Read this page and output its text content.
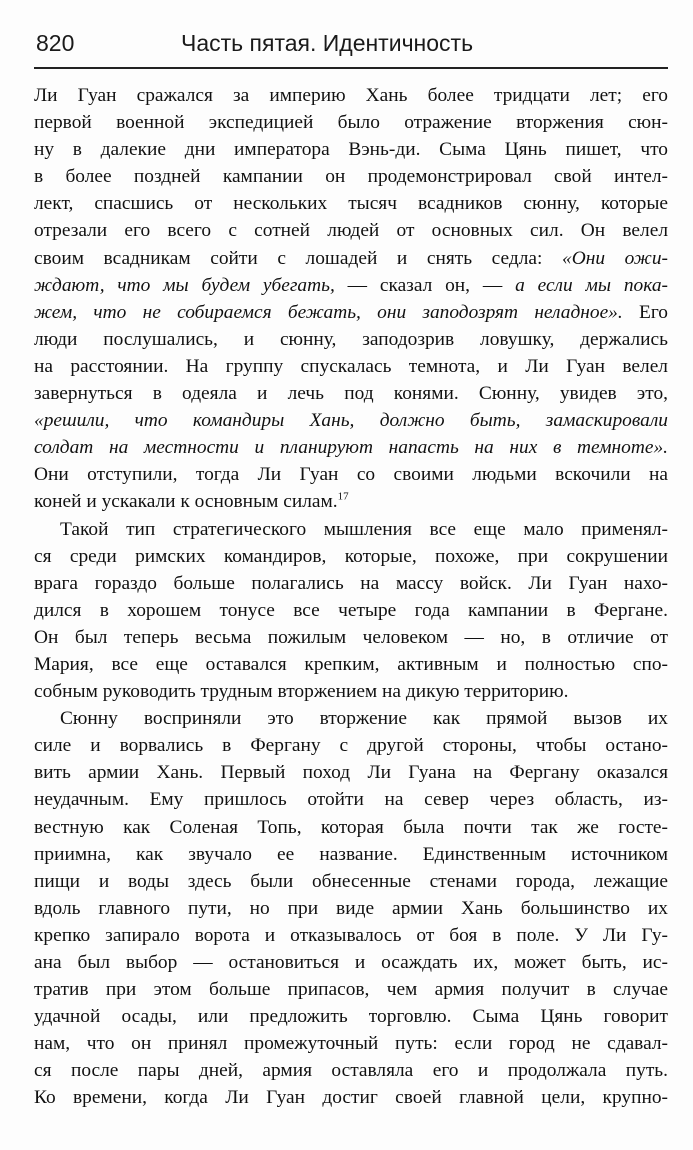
820	Часть пятая. Идентичность
Ли Гуан сражался за империю Хань более тридцати лет; его
первой военной экспедицией было отражение вторжения сюн-
ну в далекие дни императора Вэнь-ди. Сыма Цянь пишет, что
в более поздней кампании он продемонстрировал свой интел-
лект, спасшись от нескольких тысяч всадников сюнну, которые
отрезали его всего с сотней людей от основных сил. Он велел
своим всадникам сойти с лошадей и снять седла: «Они ожи-
ждают, что мы будем убегать, — сказал он, — а если мы пока-
жем, что не собираемся бежать, они заподозрят неладное». Его
люди послушались, и сюнну, заподозрив ловушку, держались
на расстоянии. На группу спускалась темнота, и Ли Гуан велел
завернуться в одеяла и лечь под конями. Сюнну, увидев это,
«решили, что командиры Хань, должно быть, замаскировали
солдат на местности и планируют напасть на них в темноте».
Они отступили, тогда Ли Гуан со своими людьми вскочили на
коней и ускакали к основным силам.$^{17}$
Такой тип стратегического мышления все еще мало применял-
ся среди римских командиров, которые, похоже, при сокрушении
врага гораздо больше полагались на массу войск. Ли Гуан нахо-
дился в хорошем тонусе все четыре года кампании в Фергане.
Он был теперь весьма пожилым человеком — но, в отличие от
Мария, все еще оставался крепким, активным и полностью спо-
собным руководить трудным вторжением на дикую территорию.
Сюнну восприняли это вторжение как прямой вызов их
силе и ворвались в Фергану с другой стороны, чтобы остано-
вить армии Хань. Первый поход Ли Гуана на Фергану оказался
неудачным. Ему пришлось отойти на север через область, из-
вестную как Соленая Топь, которая была почти так же госте-
приимна, как звучало ее название. Единственным источником
пищи и воды здесь были обнесенные стенами города, лежащие
вдоль главного пути, но при виде армии Хань большинство их
крепко запирало ворота и отказывалось от боя в поле. У Ли Гу-
ана был выбор — остановиться и осаждать их, может быть, ис-
тратив при этом больше припасов, чем армия получит в случае
удачной осады, или предложить торговлю. Сыма Цянь говорит
нам, что он принял промежуточный путь: если город не сдавал-
ся после пары дней, армия оставляла его и продолжала путь.
Ко времени, когда Ли Гуан достиг своей главной цели, крупно-
